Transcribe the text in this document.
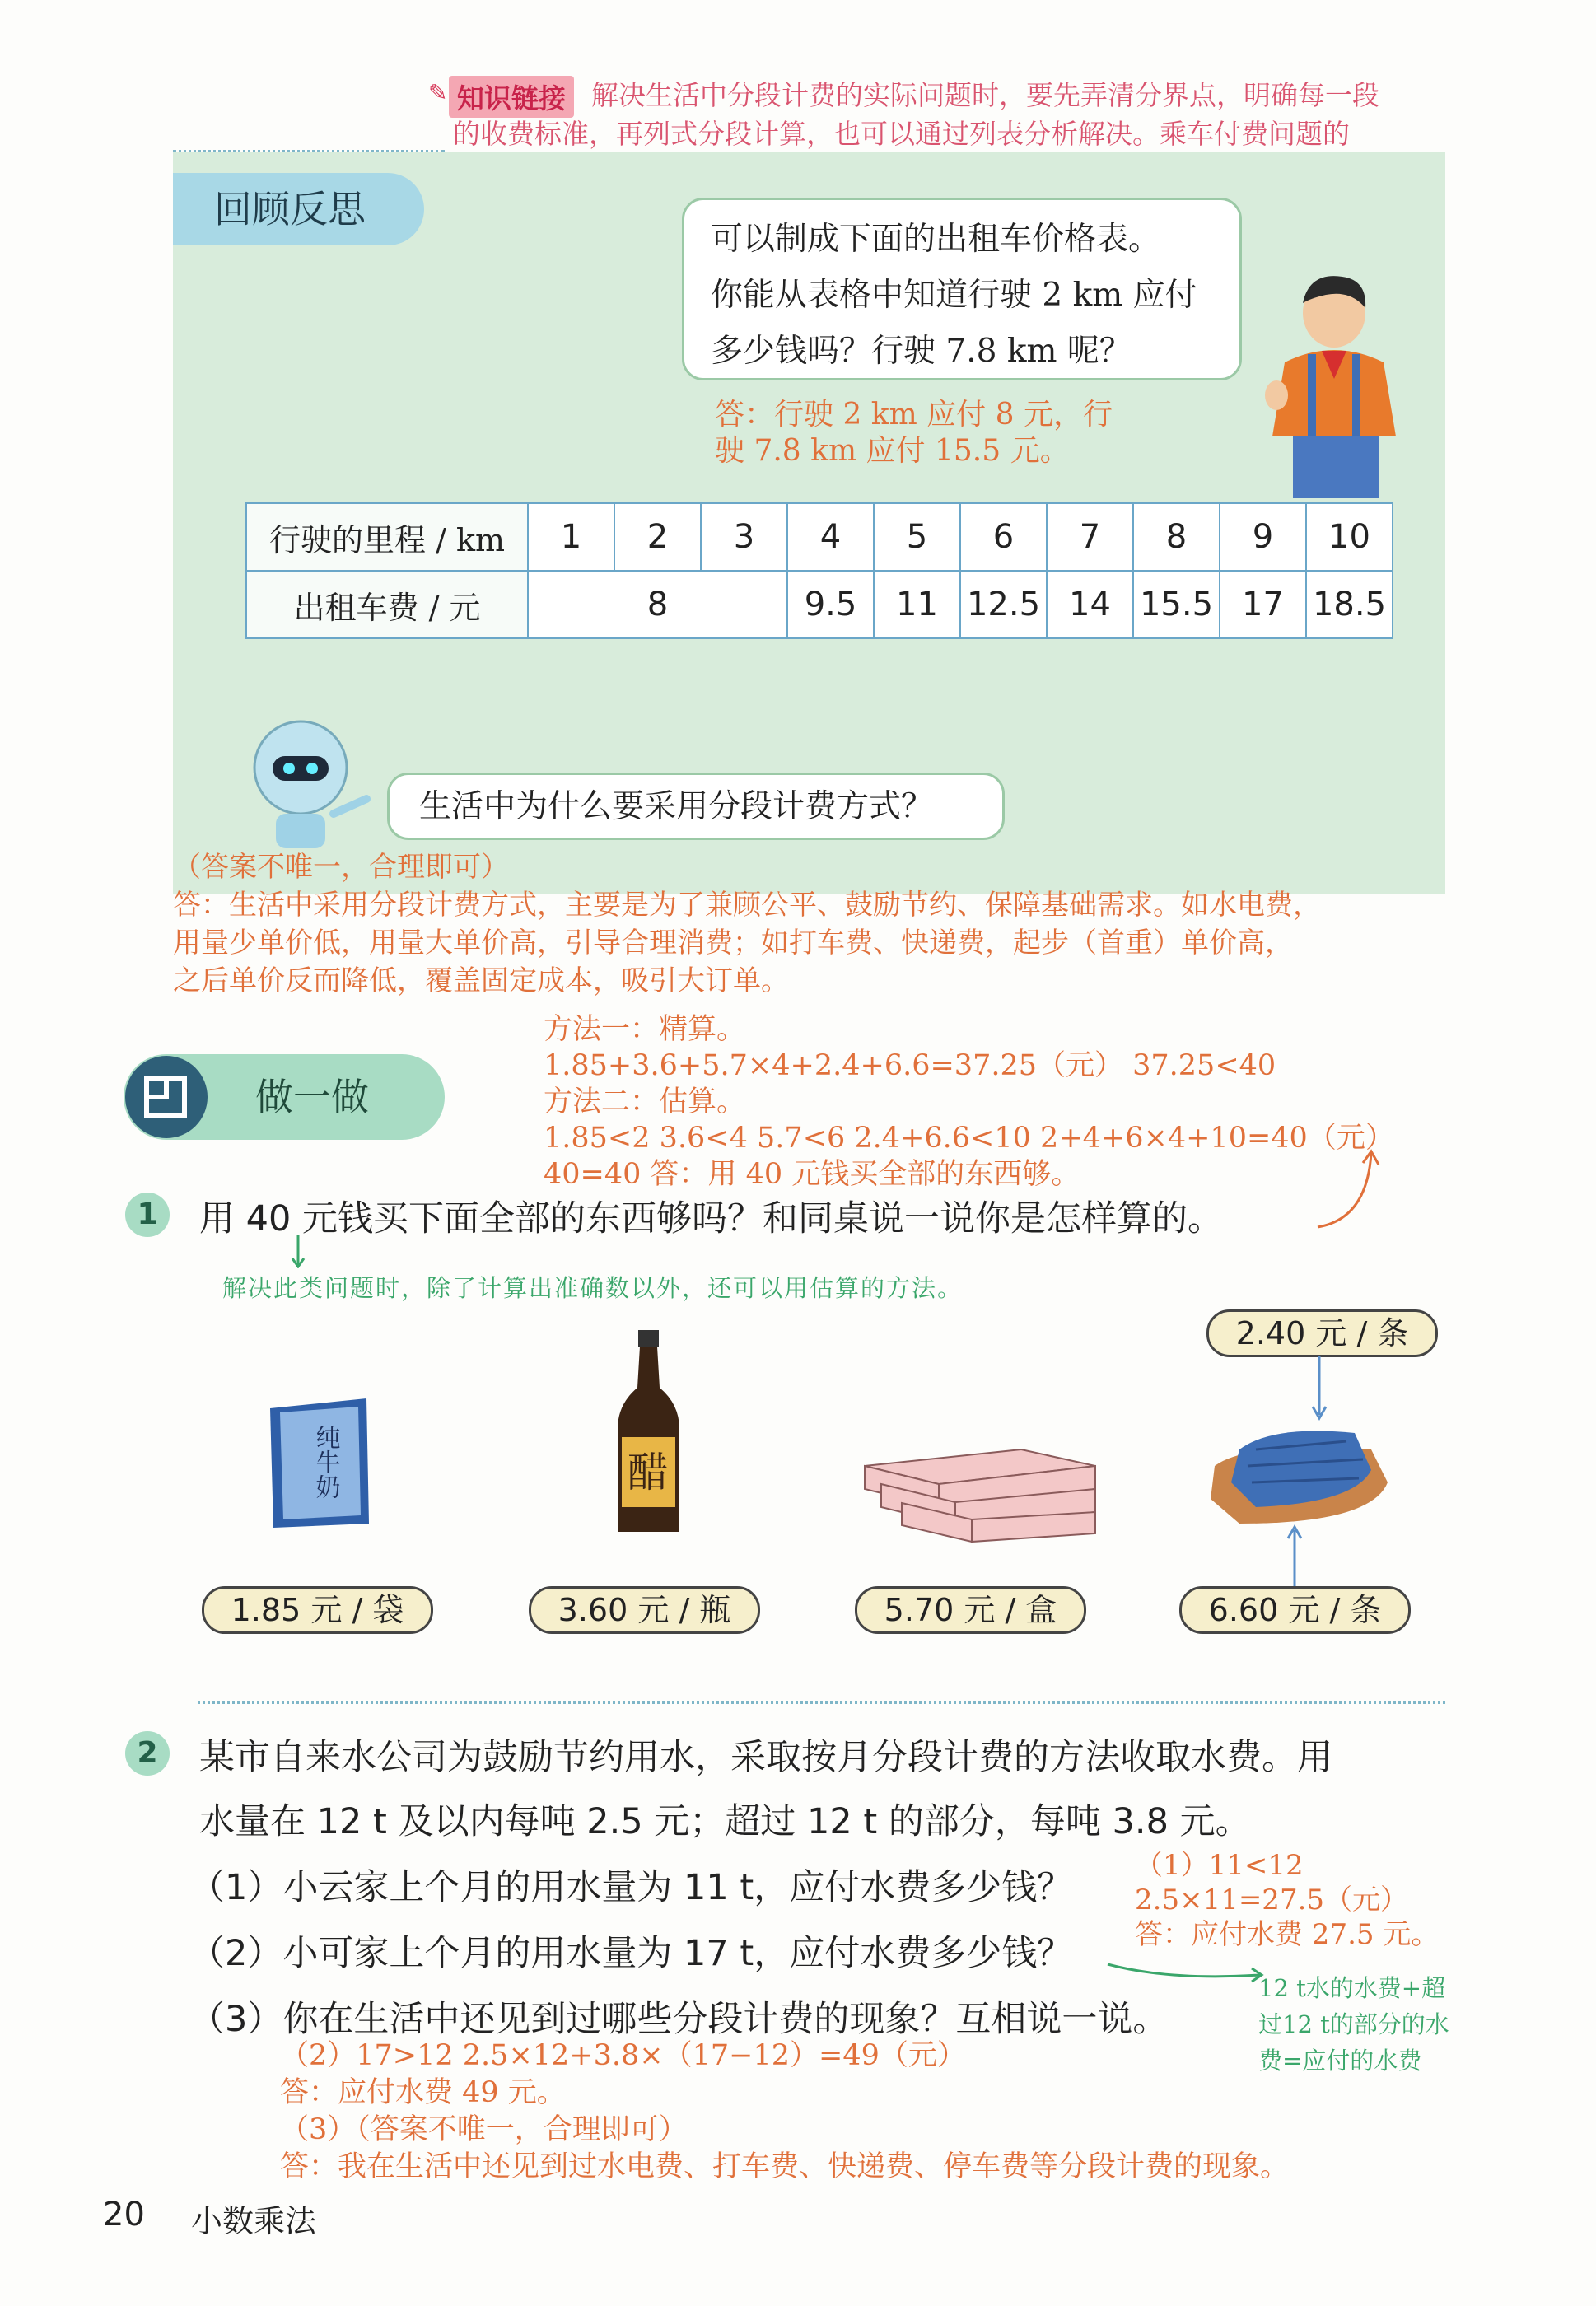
✎ 知识链接 解决生活中分段计费的实际问题时，要先弄清分界点，明确每一段
的收费标准，再列式分段计算，也可以通过列表分析解决。乘车付费问题的
回顾反思
可以制成下面的出租车价格表。
你能从表格中知道行驶 2 km 应付
多少钱吗？行驶 7.8 km 呢？
答：行驶 2 km 应付 8 元，行
驶 7.8 km 应付 15.5 元。
行驶的里程 / km	1	2	3	4	5	6	7	8	9	10
出租车费 / 元	8			9.5	11	12.5	14	15.5	17	18.5
生活中为什么要采用分段计费方式？
（答案不唯一，合理即可）
答：生活中采用分段计费方式，主要是为了兼顾公平、鼓励节约、保障基础需求。如水电费，
用量少单价低，用量大单价高，引导合理消费；如打车费、快递费，起步（首重）单价高，
之后单价反而降低，覆盖固定成本，吸引大订单。
做一做
方法一：精算。
1.85+3.6+5.7×4+2.4+6.6=37.25（元） 37.25<40
方法二：估算。
1.85<2 3.6<4 5.7<6 2.4+6.6<10 2+4+6×4+10=40（元）
40=40 答：用 40 元钱买全部的东西够。
1	用 40 元钱买下面全部的东西够吗？和同桌说一说你是怎样算的。
解决此类问题时，除了计算出准确数以外，还可以用估算的方法。
2.40 元 / 条
纯牛奶	醋
1.85 元 / 袋	3.60 元 / 瓶	5.70 元 / 盒	6.60 元 / 条
2	某市自来水公司为鼓励节约用水，采取按月分段计费的方法收取水费。用
水量在 12 t 及以内每吨 2.5 元；超过 12 t 的部分，每吨 3.8 元。
（1）小云家上个月的用水量为 11 t，应付水费多少钱？
（2）小可家上个月的用水量为 17 t，应付水费多少钱？
（3）你在生活中还见到过哪些分段计费的现象？互相说一说。
（1）11<12
2.5×11=27.5（元）
答：应付水费 27.5 元。
12 t水的水费+超
过12 t的部分的水
费=应付的水费
（2）17>12 2.5×12+3.8×（17−12）=49（元）
答：应付水费 49 元。
（3）（答案不唯一，合理即可）
答：我在生活中还见到过水电费、打车费、快递费、停车费等分段计费的现象。
20 小数乘法
